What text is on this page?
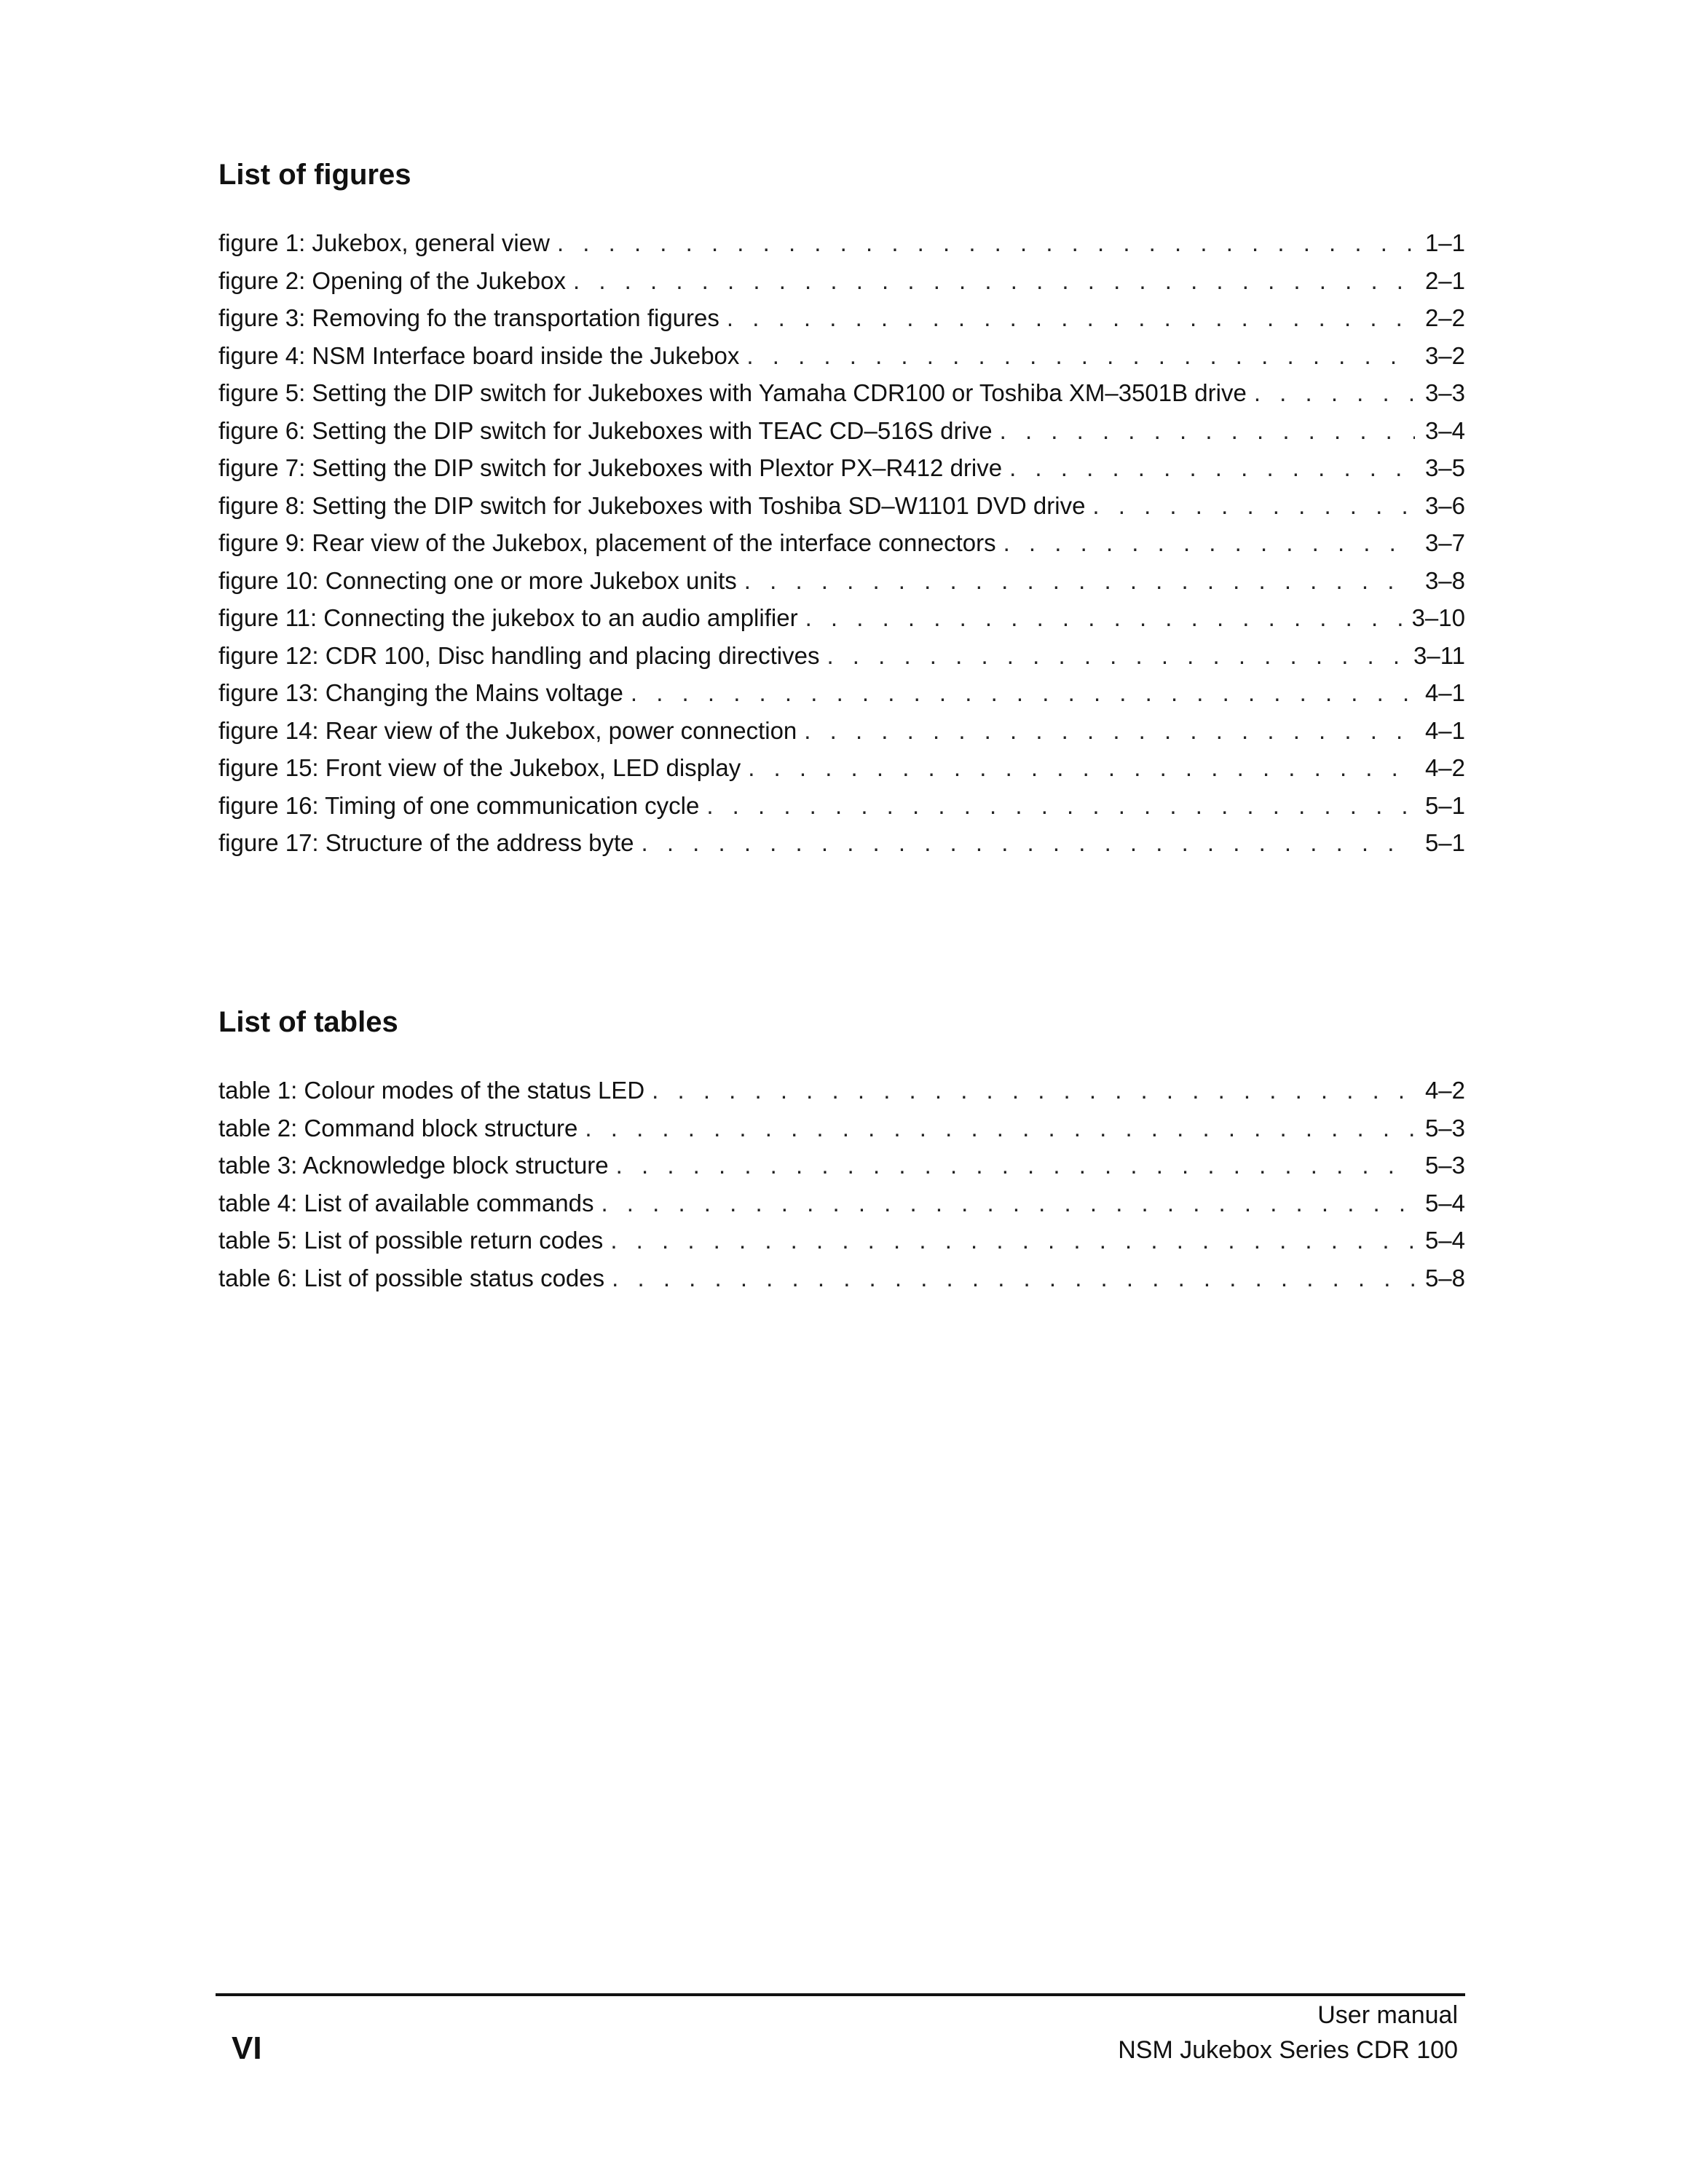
List of figures
figure 1: Jukebox, general view . . .	1–1
figure 2: Opening of the Jukebox . . .	2–1
figure 3: Removing fo the transportation figures . . .	2–2
figure 4: NSM Interface board inside the Jukebox . . .	3–2
figure 5: Setting the DIP switch for Jukeboxes with Yamaha CDR100 or Toshiba XM–3501B drive . . .	3–3
figure 6: Setting the DIP switch for Jukeboxes with TEAC CD–516S drive . . .	3–4
figure 7: Setting the DIP switch for Jukeboxes with Plextor PX–R412 drive . . .	3–5
figure 8: Setting the DIP switch for Jukeboxes with Toshiba SD–W1101 DVD drive . . .	3–6
figure 9: Rear view of the Jukebox, placement of the interface connectors . . .	3–7
figure 10: Connecting one or more Jukebox units . . .	3–8
figure 11: Connecting the jukebox to an audio amplifier . . .	3–10
figure 12: CDR 100, Disc handling and placing directives . . .	3–11
figure 13: Changing the Mains voltage . . .	4–1
figure 14: Rear view of the Jukebox, power connection . . .	4–1
figure 15: Front view of the Jukebox, LED display . . .	4–2
figure 16: Timing of one communication cycle . . .	5–1
figure 17: Structure of the address byte . . .	5–1
List of tables
table 1: Colour modes of the status LED . . .	4–2
table 2: Command block structure . . .	5–3
table 3: Acknowledge block structure . . .	5–3
table 4: List of available commands . . .	5–4
table 5: List of possible return codes . . .	5–4
table 6: List of possible status codes . . .	5–8
VI
User manual
NSM Jukebox Series CDR 100
